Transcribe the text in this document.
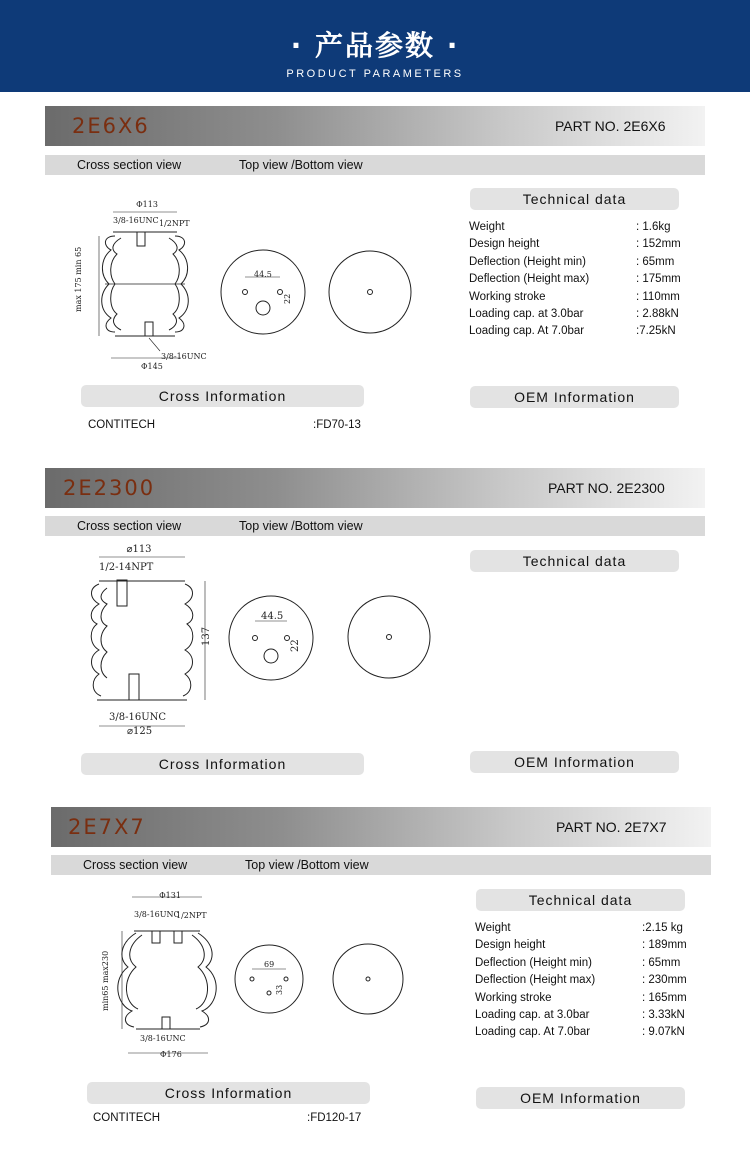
· 产品参数 ·
PRODUCT PARAMETERS
2E6X6	PART NO. 2E6X6
Cross section view	Top view /Bottom view
Φ113
3/8-16UNC 1/2NPT
max 175 min 65
3/8-16UNC
Φ145
44.5
22
Technical data
Weight	: 1.6kg
Design height	: 152mm
Deflection (Height min)	: 65mm
Deflection (Height max)	: 175mm
Working stroke	: 110mm
Loading cap. at 3.0bar	: 2.88kN
Loading cap. At 7.0bar	:7.25kN
Cross Information	OEM Information
CONTITECH	:FD70-13
2E2300	PART NO. 2E2300
Cross section view	Top view /Bottom view
⌀113
1/2-14NPT
137
3/8-16UNC
⌀125
44.5
22
Technical data
Cross Information	OEM Information
2E7X7	PART NO. 2E7X7
Cross section view	Top view /Bottom view
Φ131
3/8-16UNC
1/2NPT
min65 max230
3/8-16UNC
Φ176
69
33
Technical data
Weight	:2.15 kg
Design height	: 189mm
Deflection (Height min)	: 65mm
Deflection (Height max)	: 230mm
Working stroke	: 165mm
Loading cap. at 3.0bar	: 3.33kN
Loading cap. At 7.0bar	: 9.07kN
Cross Information	OEM Information
CONTITECH	:FD120-17
